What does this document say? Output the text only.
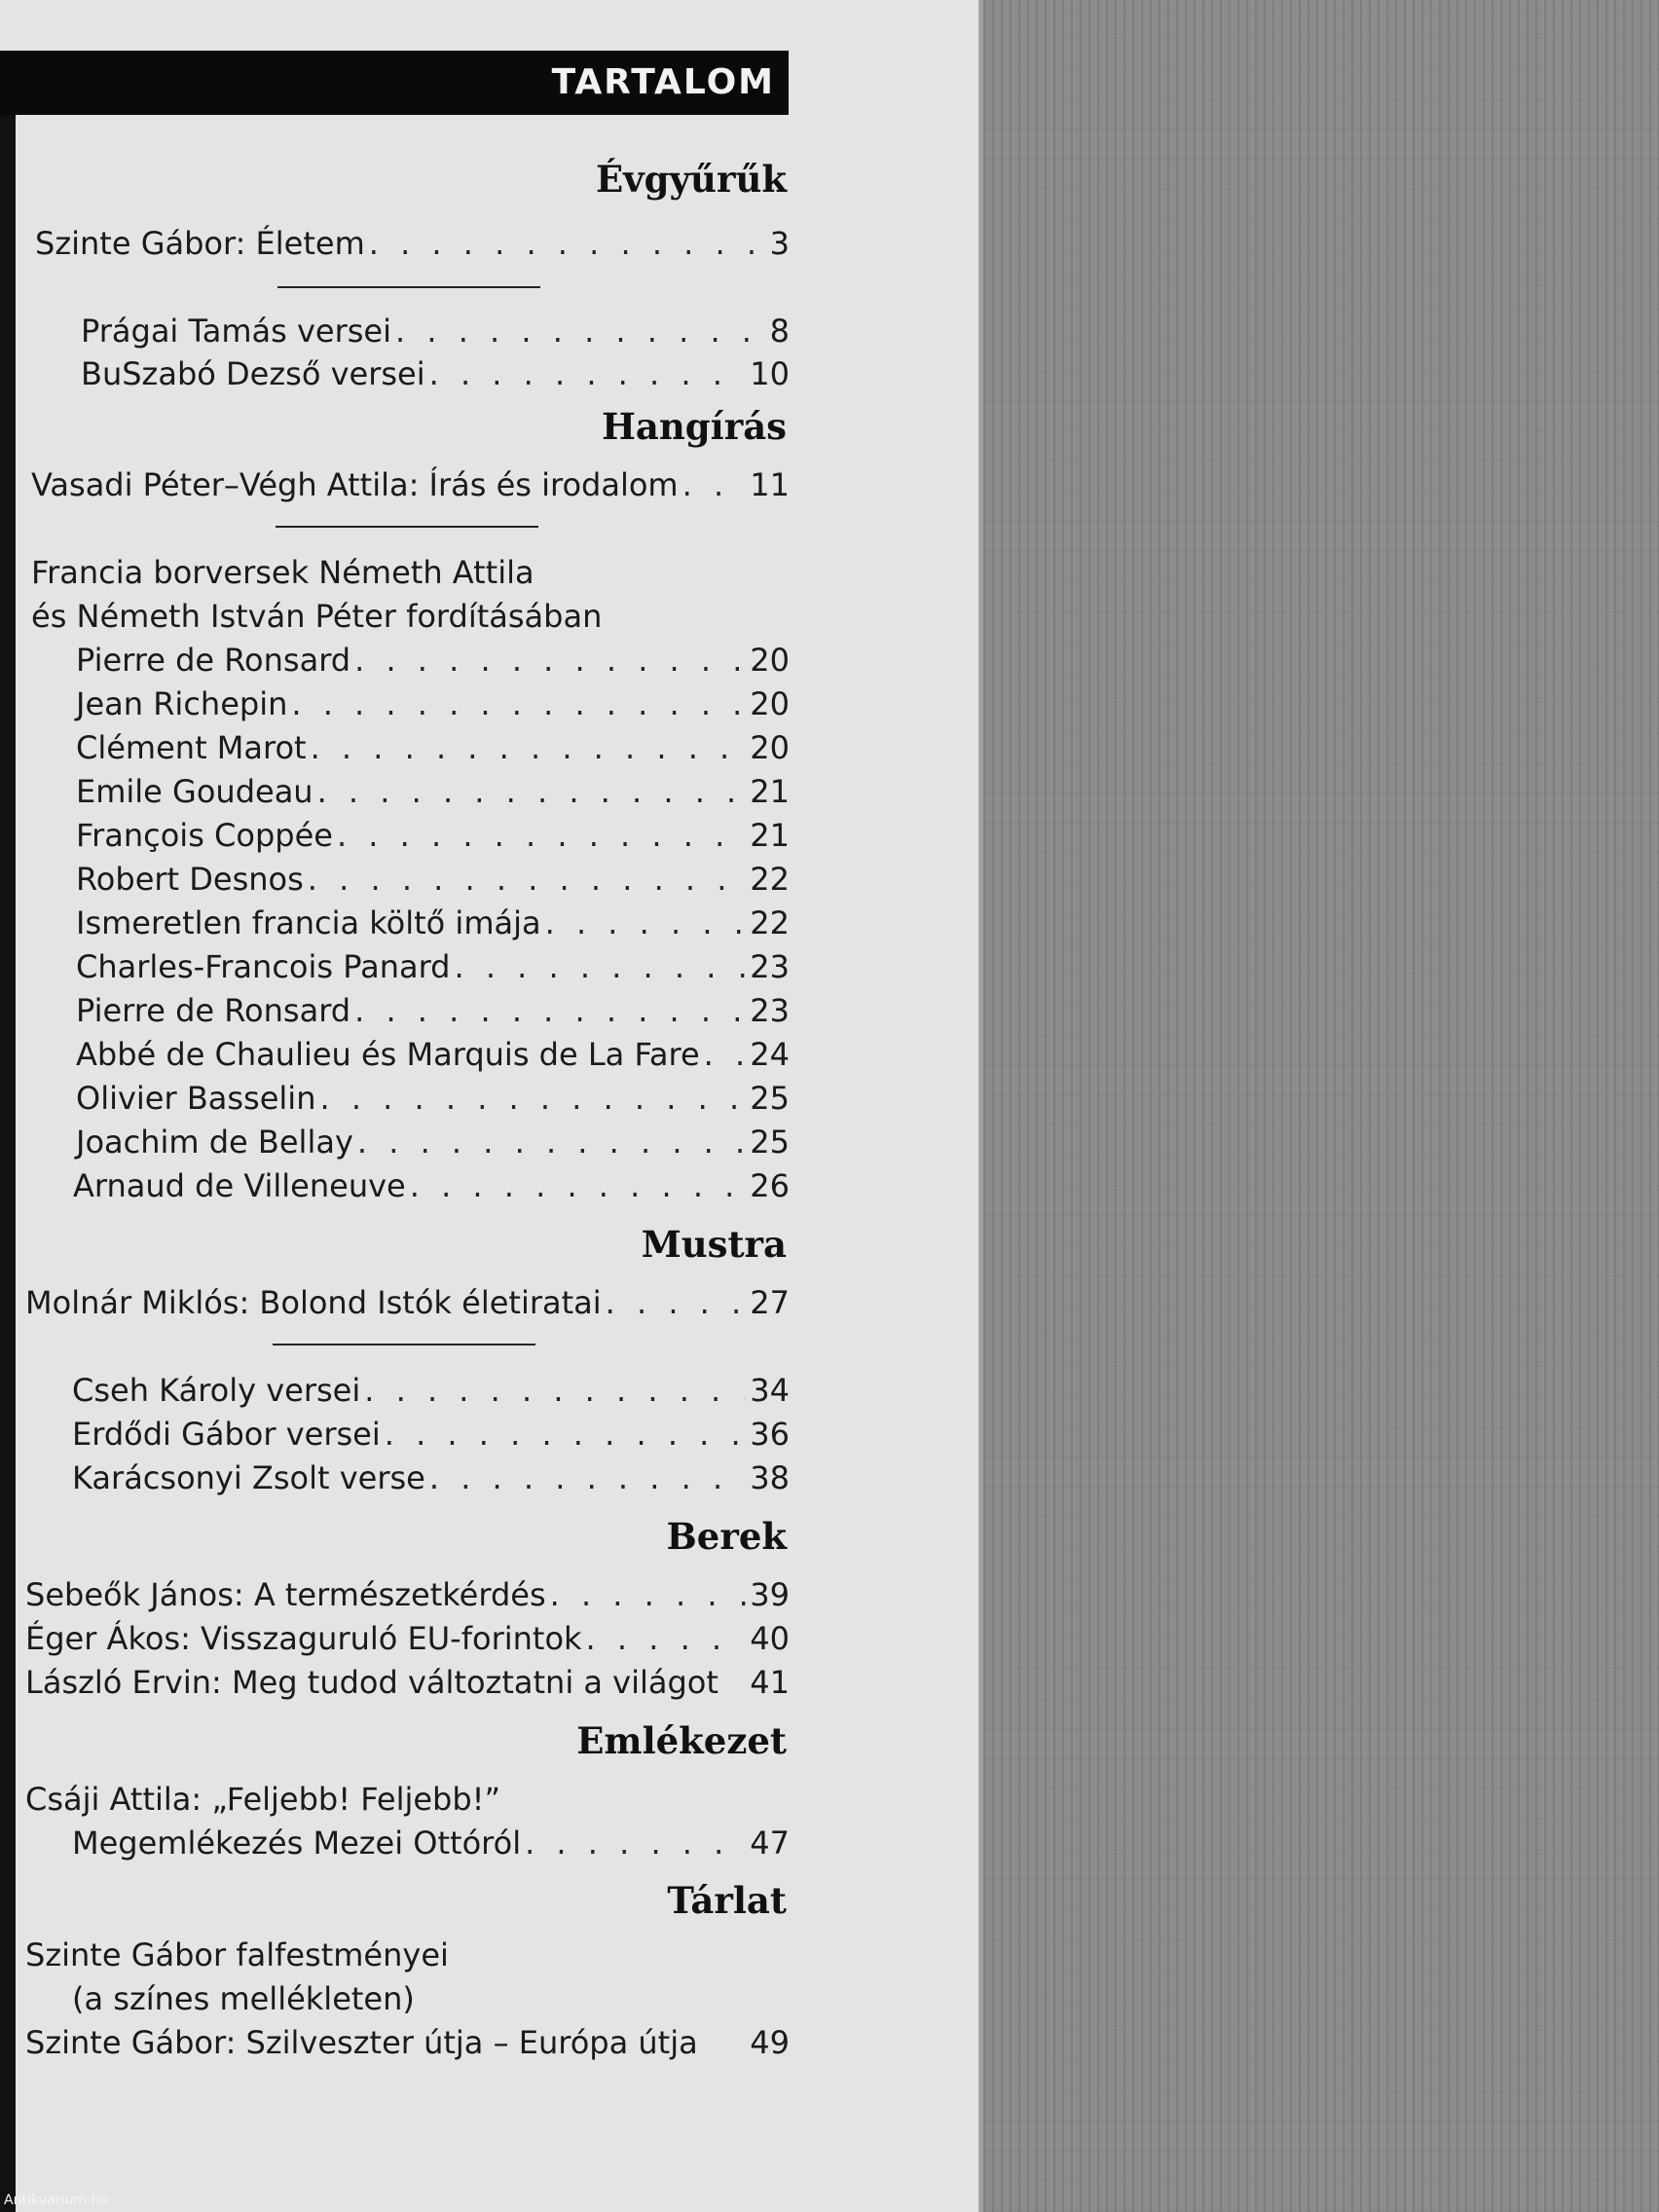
TARTALOM
Évgyűrűk
Szinte Gábor: Életem . . .	3
Prágai Tamás versei . . .	8
BuSzabó Dezső versei . . .	10
Hangírás
Vasadi Péter–Végh Attila: Írás és irodalom . . . 11
Francia borversek Németh Attila
és Németh István Péter fordításában
Pierre de Ronsard . . .	20
Jean Richepin . . .	20
Clément Marot . . .	20
Emile Goudeau . . .	21
François Coppée . . .	21
Robert Desnos . . .	22
Ismeretlen francia költő imája . . .	22
Charles-Francois Panard . . .	23
Pierre de Ronsard . . .	23
Abbé de Chaulieu és Marquis de La Fare . . . 24
Olivier Basselin . . .	25
Joachim de Bellay . . .	25
Arnaud de Villeneuve . . .	26
Mustra
Molnár Miklós: Bolond Istók életiratai . . .	27
Cseh Károly versei . . .	34
Erdődi Gábor versei . . .	36
Karácsonyi Zsolt verse . . .	38
Berek
Sebeők János: A természetkérdés . . .	39
Éger Ákos: Visszaguruló EU-forintok . . .	40
László Ervin: Meg tudod változtatni a világot 41
Emlékezet
Csáji Attila: „Feljebb! Feljebb!”
Megemlékezés Mezei Ottóról . . .	47
Tárlat
Szinte Gábor falfestményei
(a színes mellékleten)
Szinte Gábor: Szilveszter útja – Európa útja 49
Antikvarium.hu
